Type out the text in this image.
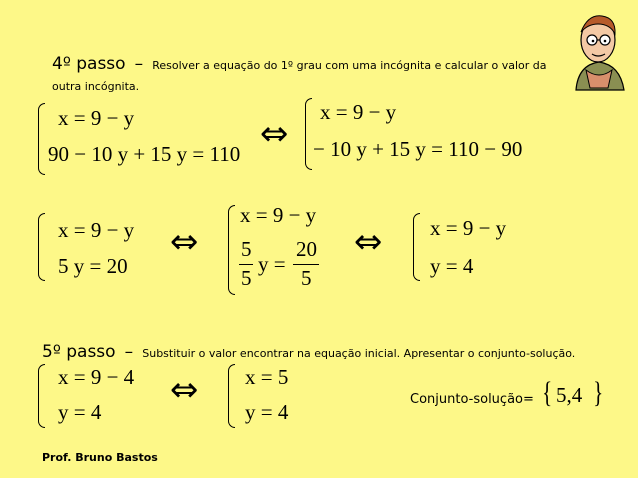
4º passo – Resolver a equação do 1º grau com uma incógnita e calcular o valor da
outra incógnita.
x = 9 − y
90 − 10 y + 15 y = 110 ⇔
x = 9 − y
− 10 y + 15 y = 110 − 90
x = 9 − y
5 y = 20
⇔
x = 9 − y
5
5
y =
20
5
⇔ x = 9 − y
y = 4
5º passo – Substituir o valor encontrar na equação inicial. Apresentar o conjunto-solução.
x = 9 − 4
y = 4
⇔ x = 5
y = 4
Conjunto-solução= { 5,4 }
Prof. Bruno Bastos
